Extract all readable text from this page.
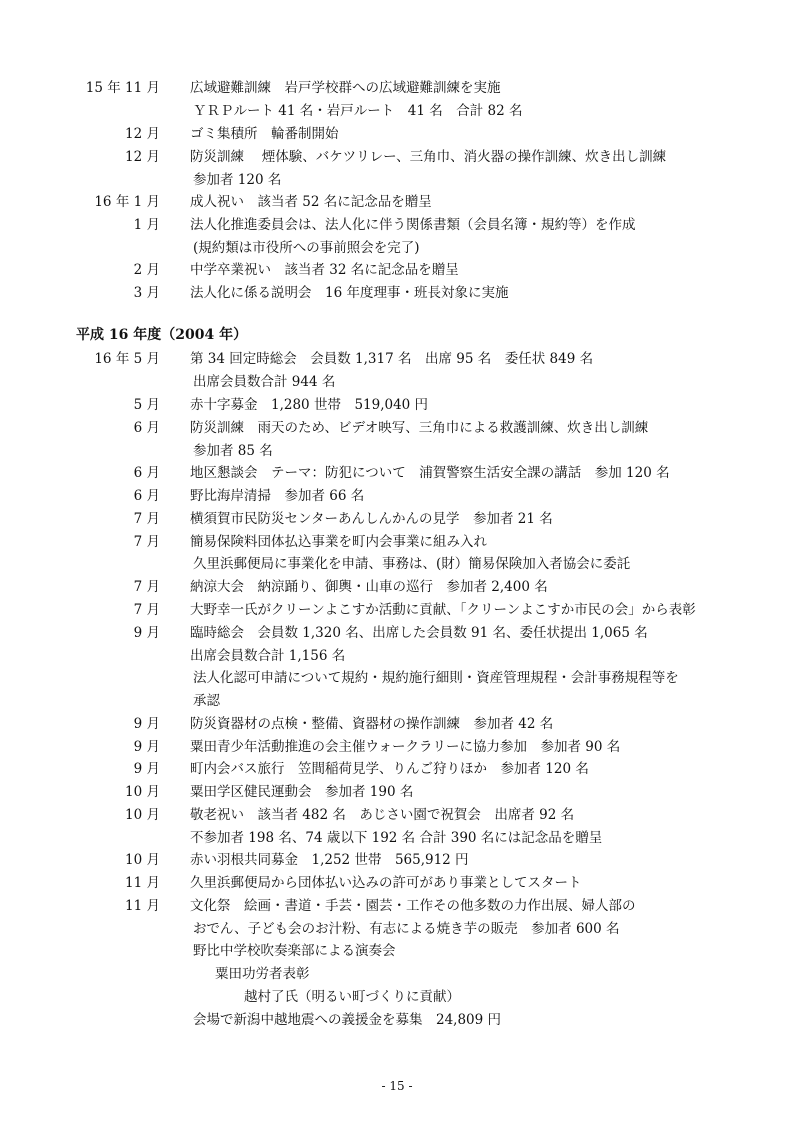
15 年 11 月 広域避難訓練　岩戸学校群への広域避難訓練を実施
ＹＲＰルート 41 名・岩戸ルート　41 名　合計 82 名
12 月 ゴミ集積所　輪番制開始
12 月 防災訓練　 煙体験、バケツリレー、三角巾、消火器の操作訓練、炊き出し訓練
参加者 120 名
16 年 1 月 成人祝い　該当者 52 名に記念品を贈呈
1 月 法人化推進委員会は、法人化に伴う関係書類（会員名簿・規約等）を作成
(規約類は市役所への事前照会を完了)
2 月 中学卒業祝い　該当者 32 名に記念品を贈呈
3 月 法人化に係る説明会　16 年度理事・班長対象に実施
平成 16 年度（2004 年）
16 年 5 月 第 34 回定時総会　会員数 1,317 名　出席 95 名　委任状 849 名
出席会員数合計 944 名
5 月 赤十字募金　1,280 世帯　519,040 円
6 月 防災訓練　雨天のため、ビデオ映写、三角巾による救護訓練、炊き出し訓練
参加者 85 名
6 月 地区懇談会　テーマ：防犯について　浦賀警察生活安全課の講話　参加 120 名
6 月 野比海岸清掃　参加者 66 名
7 月 横須賀市民防災センターあんしんかんの見学　参加者 21 名
7 月 簡易保険料団体払込事業を町内会事業に組み入れ
久里浜郵便局に事業化を申請、事務は、(財）簡易保険加入者協会に委託
7 月 納涼大会　納涼踊り、御輿・山車の巡行　参加者 2,400 名
7 月 大野幸一氏がクリーンよこすか活動に貢献、「クリーンよこすか市民の会」から表彰
9 月 臨時総会　会員数 1,320 名、出席した会員数 91 名、委任状提出 1,065 名
出席会員数合計 1,156 名
法人化認可申請について規約・規約施行細則・資産管理規程・会計事務規程等を
承認
9 月 防災資器材の点検・整備、資器材の操作訓練　参加者 42 名
9 月 粟田青少年活動推進の会主催ウォークラリーに協力参加　参加者 90 名
9 月 町内会バス旅行　笠間稲荷見学、りんご狩りほか　参加者 120 名
10 月 粟田学区健民運動会　参加者 190 名
10 月 敬老祝い　該当者 482 名　あじさい園で祝賀会　出席者 92 名
不参加者 198 名、74 歳以下 192 名 合計 390 名には記念品を贈呈
10 月 赤い羽根共同募金　1,252 世帯　565,912 円
11 月 久里浜郵便局から団体払い込みの許可があり事業としてスタート
11 月 文化祭　絵画・書道・手芸・園芸・工作その他多数の力作出展、婦人部の
おでん、子ども会のお汁粉、有志による焼き芋の販売　参加者 600 名
野比中学校吹奏楽部による演奏会
粟田功労者表彰
越村了氏（明るい町づくりに貢献）
会場で新潟中越地震への義援金を募集　24,809 円
- 15 -
